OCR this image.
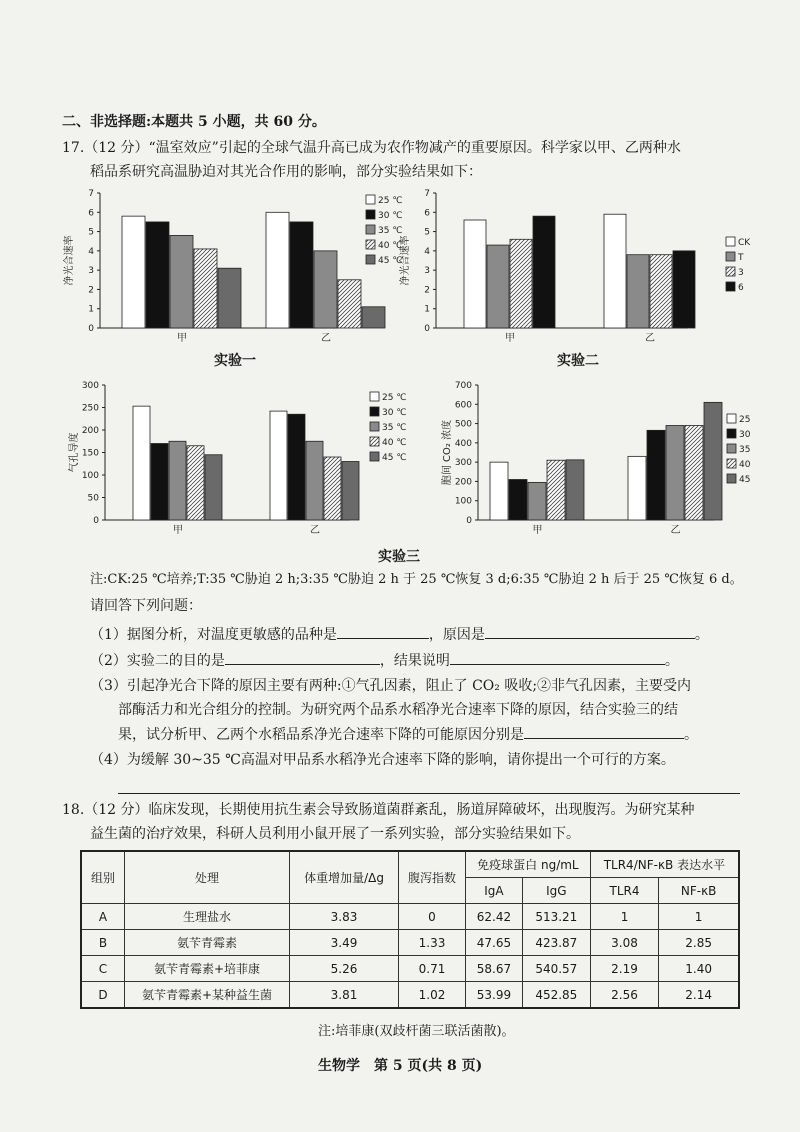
二、非选择题:本题共 5 小题，共 60 分。
17.（12 分）“温室效应”引起的全球气温升高已成为农作物减产的重要原因。科学家以甲、乙两种水
稻品系研究高温胁迫对其光合作用的影响，部分实验结果如下：
0
1
2
3
4
5
6
7
净光合速率
甲	乙
25 ℃
30 ℃
35 ℃
40 ℃
45 ℃
0
1
2
3
4
5
6
7
净光合速率
甲	乙
CK
T
3
6
0
50
100
150
200
250
300
气孔导度
甲	乙
25 ℃
30 ℃
35 ℃
40 ℃
45 ℃
0
100
200
300
400
500
600
700
胞间 CO₂ 浓度
甲	乙
25
30
35
40
45
实验一	实验二
实验三
注:CK:25 ℃培养;T:35 ℃胁迫 2 h;3:35 ℃胁迫 2 h 于 25 ℃恢复 3 d;6:35 ℃胁迫 2 h 后于 25 ℃恢复 6 d。
请回答下列问题：
（1）据图分析，对温度更敏感的品种是	，原因是	。
（2）实验二的目的是	，结果说明	。
（3）引起净光合下降的原因主要有两种:①气孔因素，阻止了 CO₂ 吸收;②非气孔因素，主要受内
部酶活力和光合组分的控制。为研究两个品系水稻净光合速率下降的原因，结合实验三的结
果，试分析甲、乙两个水稻品系净光合速率下降的可能原因分别是	。
（4）为缓解 30~35 ℃高温对甲品系水稻净光合速率下降的影响，请你提出一个可行的方案。
18.（12 分）临床发现，长期使用抗生素会导致肠道菌群紊乱，肠道屏障破坏，出现腹泻。为研究某种
益生菌的治疗效果，科研人员利用小鼠开展了一系列实验，部分实验结果如下。
组别	处理	体重增加量/Δg	腹泻指数	免疫球蛋白 ng/mL		TLR4/NF-κB 表达水平	
				IgA	IgG	TLR4	NF-κB
A	生理盐水	3.83	0	62.42	513.21	1	1
B	氨苄青霉素	3.49	1.33	47.65	423.87	3.08	2.85
C	氨苄青霉素+培菲康	5.26	0.71	58.67	540.57	2.19	1.40
D	氨苄青霉素+某种益生菌	3.81	1.02	53.99	452.85	2.56	2.14
注:培菲康(双歧杆菌三联活菌散)。
生物学　第 5 页(共 8 页)
